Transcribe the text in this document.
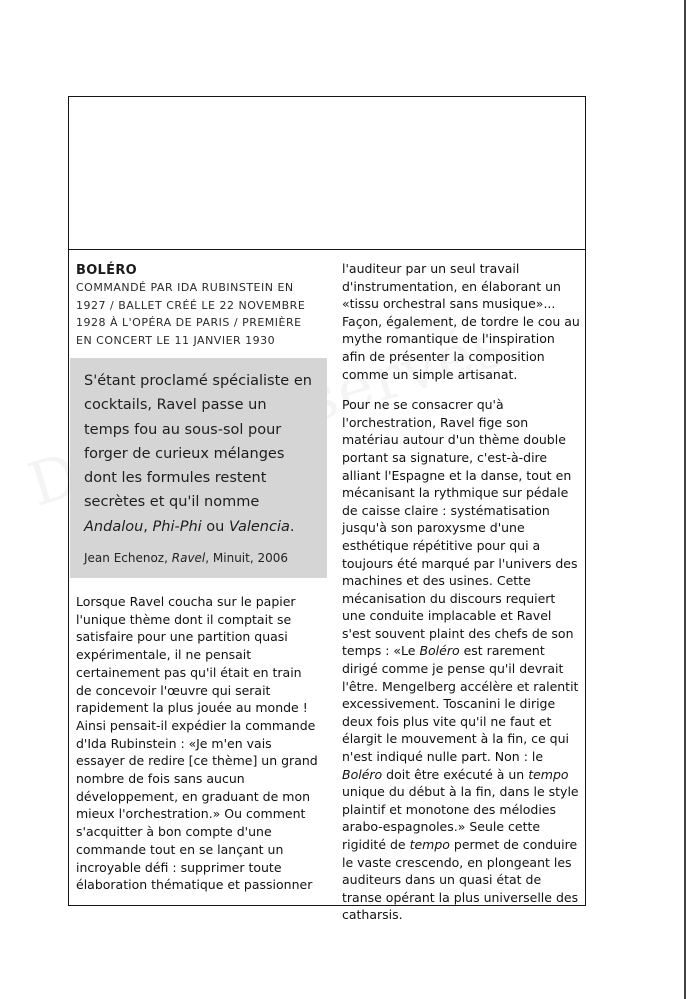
BOLÉRO
COMMANDÉ PAR IDA RUBINSTEIN EN 1927 / BALLET CRÉÉ LE 22 NOVEMBRE 1928 À L'OPÉRA DE PARIS / PREMIÈRE EN CONCERT LE 11 JANVIER 1930
S'étant proclamé spécialiste en cocktails, Ravel passe un temps fou au sous-sol pour forger de curieux mélanges dont les formules restent secrètes et qu'il nomme Andalou, Phi-Phi ou Valencia.
Jean Echenoz, Ravel, Minuit, 2006

Lorsque Ravel coucha sur le papier l'unique thème dont il comptait se satisfaire pour une partition quasi expérimentale, il ne pensait certainement pas qu'il était en train de concevoir l'œuvre qui serait rapidement la plus jouée au monde ! Ainsi pensait-il expédier la commande d'Ida Rubinstein : «Je m'en vais essayer de redire [ce thème] un grand nombre de fois sans aucun développement, en graduant de mon mieux l'orchestration.» Ou comment s'acquitter à bon compte d'une commande tout en se lançant un incroyable défi : supprimer toute élaboration thématique et passionner

l'auditeur par un seul travail d'instrumentation, en élaborant un «tissu orchestral sans musique»... Façon, également, de tordre le cou au mythe romantique de l'inspiration afin de présenter la composition comme un simple artisanat.

Pour ne se consacrer qu'à l'orchestration, Ravel fige son matériau autour d'un thème double portant sa signature, c'est-à-dire alliant l'Espagne et la danse, tout en mécanisant la rythmique sur pédale de caisse claire : systématisation jusqu'à son paroxysme d'une esthétique répétitive pour qui a toujours été marqué par l'univers des machines et des usines. Cette mécanisation du discours requiert une conduite implacable et Ravel s'est souvent plaint des chefs de son temps : «Le Boléro est rarement dirigé comme je pense qu'il devrait l'être. Mengelberg accélère et ralentit excessivement. Toscanini le dirige deux fois plus vite qu'il ne faut et élargit le mouvement à la fin, ce qui n'est indiqué nulle part. Non : le Boléro doit être exécuté à un tempo unique du début à la fin, dans le style plaintif et monotone des mélodies arabo-espagnoles.» Seule cette rigidité de tempo permet de conduire le vaste crescendo, en plongeant les auditeurs dans un quasi état de transe opérant la plus universelle des catharsis.
